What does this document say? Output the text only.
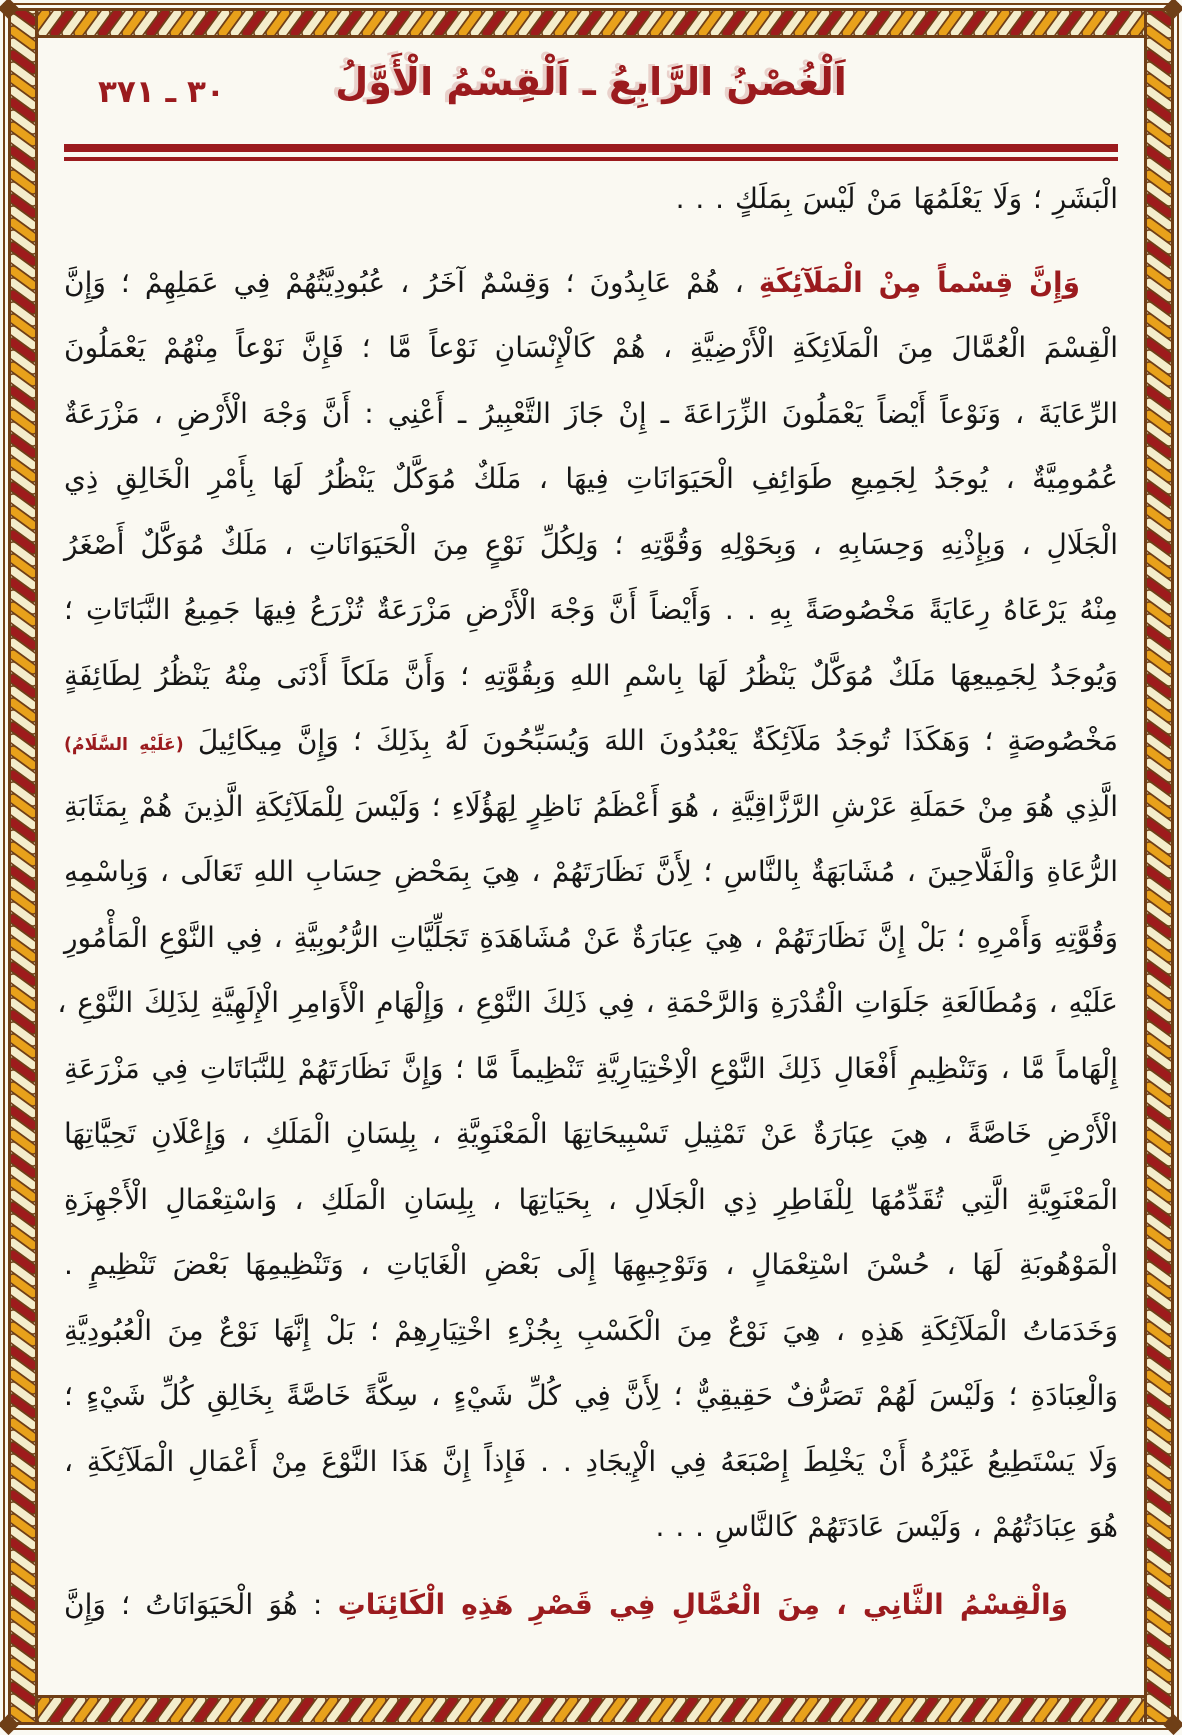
٣٠ ـ ٣٧١	اَلْغُصْنُ الرَّابِعُ ـ اَلْقِسْمُ الْأَوَّلُ
الْبَشَرِ ؛ وَلَا يَعْلَمُهَا مَنْ لَيْسَ بِمَلَكٍ . . .
وَإِنَّ قِسْماً مِنْ الْمَلَآئِكَةِ ، هُمْ عَابِدُونَ ؛ وَقِسْمٌ آخَرُ ، عُبُودِيَّتُهُمْ فِي عَمَلِهِمْ ؛ وَإِنَّ
الْقِسْمَ الْعُمَّالَ مِنَ الْمَلَائِكَةِ الْأَرْضِيَّةِ ، هُمْ كَالْإِنْسَانِ نَوْعاً مَّا ؛ فَإِنَّ نَوْعاً مِنْهُمْ يَعْمَلُونَ
الرِّعَايَةَ ، وَنَوْعاً أَيْضاً يَعْمَلُونَ الزِّرَاعَةَ ـ إِنْ جَازَ التَّعْبِيرُ ـ أَعْنِي : أَنَّ وَجْهَ الْأَرْضِ ، مَزْرَعَةٌ
عُمُومِيَّةٌ ، يُوجَدُ لِجَمِيعِ طَوَائِفِ الْحَيَوَانَاتِ فِيهَا ، مَلَكٌ مُوَكَّلٌ يَنْظُرُ لَهَا بِأَمْرِ الْخَالِقِ ذِي
الْجَلَالِ ، وَبِإِذْنِهِ وَحِسَابِهِ ، وَبِحَوْلِهِ وَقُوَّتِهِ ؛ وَلِكُلِّ نَوْعٍ مِنَ الْحَيَوَانَاتِ ، مَلَكٌ مُوَكَّلٌ أَصْغَرُ
مِنْهُ يَرْعَاهُ رِعَايَةً مَخْصُوصَةً بِهِ . . وَأَيْضاً أَنَّ وَجْهَ الْأَرْضِ مَزْرَعَةٌ تُزْرَعُ فِيهَا جَمِيعُ النَّبَاتَاتِ ؛
وَيُوجَدُ لِجَمِيعِهَا مَلَكٌ مُوَكَّلٌ يَنْظُرُ لَهَا بِاسْمِ اللهِ وَبِقُوَّتِهِ ؛ وَأَنَّ مَلَكاً أَدْنَى مِنْهُ يَنْظُرُ لِطَائِفَةٍ
مَخْصُوصَةٍ ؛ وَهَكَذَا تُوجَدُ مَلَآئِكَةٌ يَعْبُدُونَ اللهَ وَيُسَبِّحُونَ لَهُ بِذَلِكَ ؛ وَإِنَّ مِيكَائِيلَ (عَلَيْهِ السَّلَامُ)
الَّذِي هُوَ مِنْ حَمَلَةِ عَرْشِ الرَّزَّاقِيَّةِ ، هُوَ أَعْظَمُ نَاظِرٍ لِهَؤُلَاءِ ؛ وَلَيْسَ لِلْمَلَآئِكَةِ الَّذِينَ هُمْ بِمَثَابَةِ
الرُّعَاةِ وَالْفَلَّاحِينَ ، مُشَابَهَةٌ بِالنَّاسِ ؛ لِأَنَّ نَظَارَتَهُمْ ، هِيَ بِمَحْضِ حِسَابِ اللهِ تَعَالَى ، وَبِاسْمِهِ
وَقُوَّتِهِ وَأَمْرِهِ ؛ بَلْ إِنَّ نَظَارَتَهُمْ ، هِيَ عِبَارَةٌ عَنْ مُشَاهَدَةِ تَجَلِّيَّاتِ الرُّبُوبِيَّةِ ، فِي النَّوْعِ الْمَأْمُورِ
عَلَيْهِ ، وَمُطَالَعَةِ جَلَوَاتِ الْقُدْرَةِ وَالرَّحْمَةِ ، فِي ذَلِكَ النَّوْعِ ، وَإِلْهَامِ الْأَوَامِرِ الْإِلَهِيَّةِ لِذَلِكَ النَّوْعِ ،
إِلْهَاماً مَّا ، وَتَنْظِيمِ أَفْعَالِ ذَلِكَ النَّوْعِ الْاِخْتِيَارِيَّةِ تَنْظِيماً مَّا ؛ وَإِنَّ نَظَارَتَهُمْ لِلنَّبَاتَاتِ فِي مَزْرَعَةِ
الْأَرْضِ خَاصَّةً ، هِيَ عِبَارَةٌ عَنْ تَمْثِيلِ تَسْبِيحَاتِهَا الْمَعْنَوِيَّةِ ، بِلِسَانِ الْمَلَكِ ، وَإِعْلَانِ تَحِيَّاتِهَا
الْمَعْنَوِيَّةِ الَّتِي تُقَدِّمُهَا لِلْفَاطِرِ ذِي الْجَلَالِ ، بِحَيَاتِهَا ، بِلِسَانِ الْمَلَكِ ، وَاسْتِعْمَالِ الْأَجْهِزَةِ
الْمَوْهُوبَةِ لَهَا ، حُسْنَ اسْتِعْمَالٍ ، وَتَوْجِيهِهَا إِلَى بَعْضِ الْغَايَاتِ ، وَتَنْظِيمِهَا بَعْضَ تَنْظِيمٍ .
وَخَدَمَاتُ الْمَلَآئِكَةِ هَذِهِ ، هِيَ نَوْعٌ مِنَ الْكَسْبِ بِجُزْءِ اخْتِيَارِهِمْ ؛ بَلْ إِنَّهَا نَوْعٌ مِنَ الْعُبُودِيَّةِ
وَالْعِبَادَةِ ؛ وَلَيْسَ لَهُمْ تَصَرُّفٌ حَقِيقِيٌّ ؛ لِأَنَّ فِي كُلِّ شَيْءٍ ، سِكَّةً خَاصَّةً بِخَالِقِ كُلِّ شَيْءٍ ؛
وَلَا يَسْتَطِيعُ غَيْرُهُ أَنْ يَخْلِطَ إِصْبَعَهُ فِي الْإِيجَادِ . . فَإِذاً إِنَّ هَذَا النَّوْعَ مِنْ أَعْمَالِ الْمَلَآئِكَةِ ،
هُوَ عِبَادَتُهُمْ ، وَلَيْسَ عَادَتَهُمْ كَالنَّاسِ . . .
وَالْقِسْمُ الثَّانِي ، مِنَ الْعُمَّالِ فِي قَصْرِ هَذِهِ الْكَائِنَاتِ : هُوَ الْحَيَوَانَاتُ ؛ وَإِنَّ
